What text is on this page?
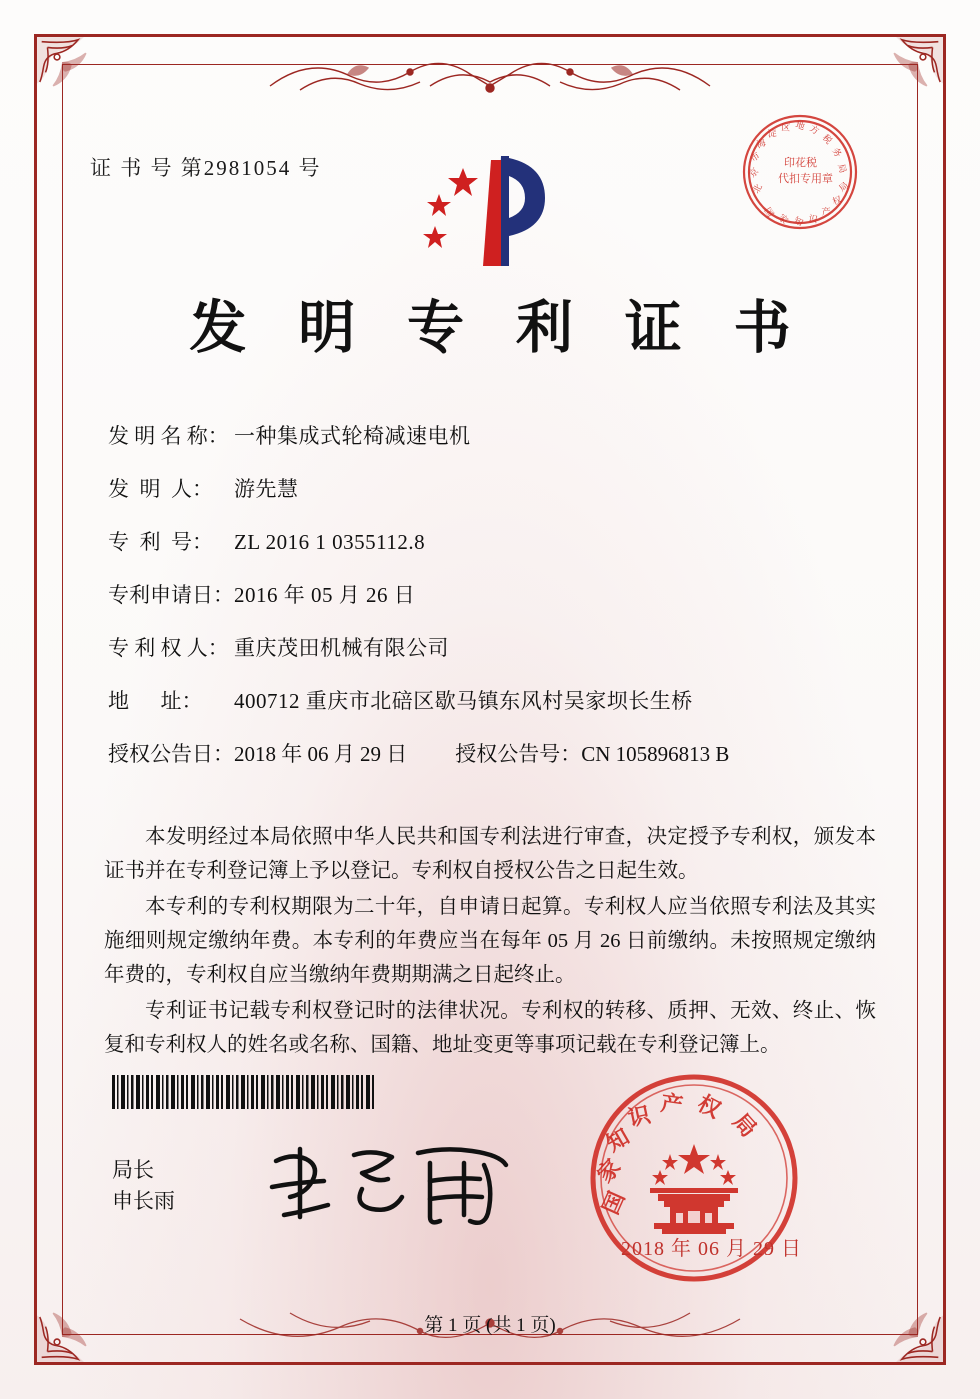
证 书 号 第2981054 号
北
京
市
海
淀
区 地 方
税
务
局
国
家 知 识
产
权
局
印花税
代扣专用章
发 明 专 利 证 书
发 明 名 称： 一种集成式轮椅减速电机
发  明  人：	游先慧
专  利  号：	ZL 2016 1 0355112.8
专利申请日： 2016 年 05 月 26 日
专 利 权 人： 重庆茂田机械有限公司
地      址：	400712 重庆市北碚区歇马镇东风村吴家坝长生桥
授权公告日： 2018 年 06 月 29 日 授权公告号： CN 105896813 B

本发明经过本局依照中华人民共和国专利法进行审查，决定授予专利权，颁发本证书并在专利登记簿上予以登记。专利权自授权公告之日起生效。

本专利的专利权期限为二十年，自申请日起算。专利权人应当依照专利法及其实施细则规定缴纳年费。本专利的年费应当在每年 05 月 26 日前缴纳。未按照规定缴纳年费的，专利权自应当缴纳年费期期满之日起终止。

专利证书记载专利权登记时的法律状况。专利权的转移、质押、无效、终止、恢复和专利权人的姓名或名称、国籍、地址变更等事项记载在专利登记簿上。

局长
申长雨	国
家
知
识 产 权
局
2018 年 06 月 29 日
第 1 页 (共 1 页)
